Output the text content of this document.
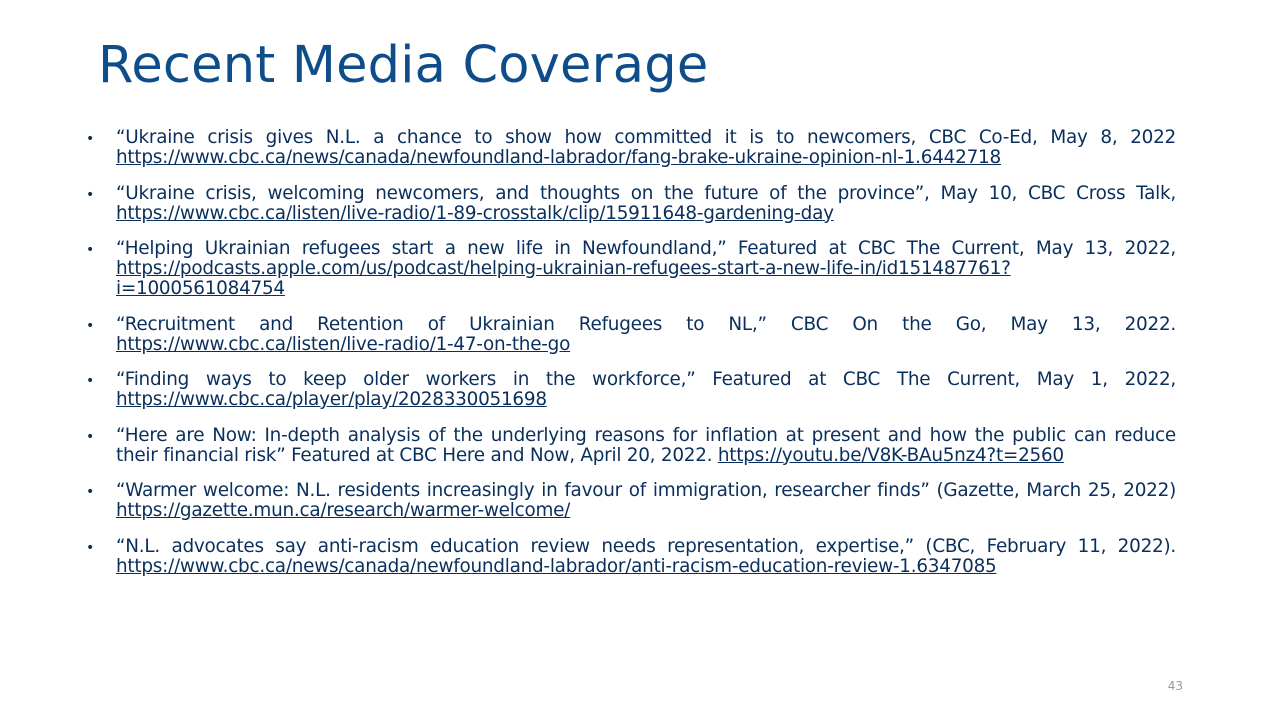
Recent Media Coverage
• “Ukraine crisis gives N.L. a chance to show how committed it is to newcomers, CBC Co-Ed, May 8, 2022 https://www.cbc.ca/news/canada/newfoundland-labrador/fang-brake-ukraine-opinion-nl-1.6442718
• “Ukraine crisis, welcoming newcomers, and thoughts on the future of the province”, May 10, CBC Cross Talk, https://www.cbc.ca/listen/live-radio/1-89-crosstalk/clip/15911648-gardening-day
• “Helping Ukrainian refugees start a new life in Newfoundland,” Featured at CBC The Current, May 13, 2022, https://podcasts.apple.com/us/podcast/helping-ukrainian-refugees-start-a-new-life-in/id151487761?i=1000561084754
• “Recruitment and Retention of Ukrainian Refugees to NL,” CBC On the Go, May 13, 2022. https://www.cbc.ca/listen/live-radio/1-47-on-the-go
• “Finding ways to keep older workers in the workforce,” Featured at CBC The Current, May 1, 2022, https://www.cbc.ca/player/play/2028330051698
• “Here are Now: In-depth analysis of the underlying reasons for inflation at present and how the public can reduce their financial risk” Featured at CBC Here and Now, April 20, 2022. https://youtu.be/V8K-BAu5nz4?t=2560
• “Warmer welcome: N.L. residents increasingly in favour of immigration, researcher finds” (Gazette, March 25, 2022) https://gazette.mun.ca/research/warmer-welcome/
• “N.L. advocates say anti-racism education review needs representation, expertise,” (CBC, February 11, 2022). https://www.cbc.ca/news/canada/newfoundland-labrador/anti-racism-education-review-1.6347085
43
